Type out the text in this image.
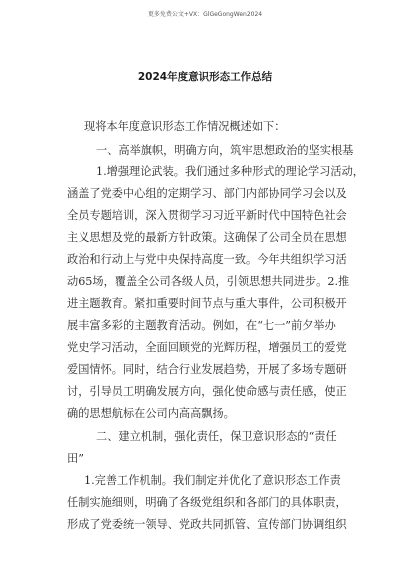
更多免费公文+VX：GlGeGongWen2024
2024年度意识形态工作总结
现将本年度意识形态工作情况概述如下：
一、高举旗帜，明确方向，筑牢思想政治的坚实根基
1.增强理论武装。我们通过多种形式的理论学习活动，
涵盖了党委中心组的定期学习、部门内部协同学习会以及
全员专题培训，深入贯彻学习习近平新时代中国特色社会
主义思想及党的最新方针政策。这确保了公司全员在思想
政治和行动上与党中央保持高度一致。今年共组织学习活
动65场，覆盖全公司各级人员，引领思想共同进步。2.推
进主题教育。紧扣重要时间节点与重大事件，公司积极开
展丰富多彩的主题教育活动。例如，在“七一”前夕举办
党史学习活动，全面回顾党的光辉历程，增强员工的爱党
爱国情怀。同时，结合行业发展趋势，开展了多场专题研
讨，引导员工明确发展方向，强化使命感与责任感，使正
确的思想航标在公司内高高飘扬。
二、建立机制，强化责任，保卫意识形态的“责任
田”
1.完善工作机制。我们制定并优化了意识形态工作责
任制实施细则，明确了各级党组织和各部门的具体职责，
形成了党委统一领导、党政共同抓管、宣传部门协调组织
